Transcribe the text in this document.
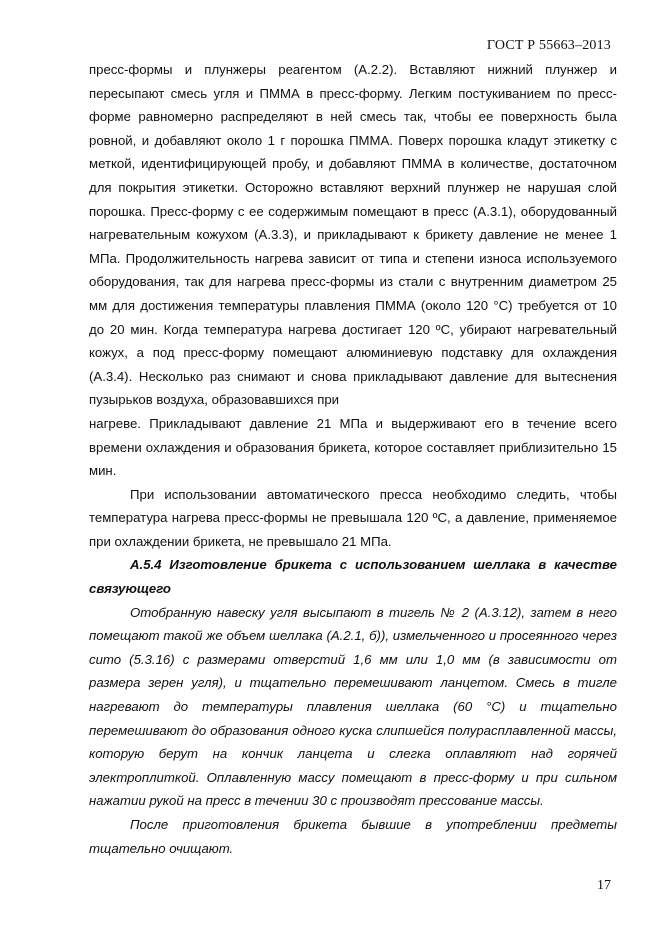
ГОСТ Р 55663–2013

пресс-формы и плунжеры реагентом (А.2.2). Вставляют нижний плунжер и пересыпают смесь угля и ПММА в пресс-форму. Легким постукиванием по пресс-форме равномерно распределяют в ней смесь так, чтобы ее поверхность была ровной, и добавляют около 1 г порошка ПММА. Поверх порошка кладут этикетку с меткой, идентифицирующей пробу, и добавляют ПММА в количестве, достаточном для покрытия этикетки. Осторожно вставляют верхний плунжер не нарушая слой порошка. Пресс-форму с ее содержимым помещают в пресс (А.3.1), оборудованный нагревательным кожухом (А.3.3), и прикладывают к брикету давление не менее 1 МПа. Продолжительность нагрева зависит от типа и степени износа используемого оборудования, так для нагрева пресс-формы из стали с внутренним диаметром 25 мм для достижения температуры плавления ПММА (около 120 °С) требуется от 10 до 20 мин. Когда температура нагрева достигает 120 ºС, убирают нагревательный кожух, а под пресс-форму помещают алюминиевую подставку для охлаждения (А.3.4). Несколько раз снимают и снова прикладывают давление для вытеснения пузырьков воздуха, образовавшихся при

нагреве. Прикладывают давление 21 МПа и выдерживают его в течение всего времени охлаждения и образования брикета, которое составляет приблизительно 15 мин.

При использовании автоматического пресса необходимо следить, чтобы температура нагрева пресс-формы не превышала 120 ºС, а давление, применяемое при охлаждении брикета, не превышало 21 МПа.

А.5.4 Изготовление брикета с использованием шеллака в качестве связующего

Отобранную навеску угля высыпают в тигель № 2 (А.3.12), затем в него помещают такой же объем шеллака (А.2.1, б)), измельченного и просеянного через сито (5.3.16) с размерами отверстий 1,6 мм или 1,0 мм (в зависимости от размера зерен угля), и тщательно перемешивают ланцетом. Смесь в тигле нагревают до температуры плавления шеллака (60 °С) и тщательно перемешивают до образования одного куска слипшейся полурасплавленной массы, которую берут на кончик ланцета и слегка оплавляют над горячей электроплиткой. Оплавленную массу помещают в пресс-форму и при сильном нажатии рукой на пресс в течении 30 с производят прессование массы.

После приготовления брикета бывшие в употреблении предметы тщательно очищают.

17
